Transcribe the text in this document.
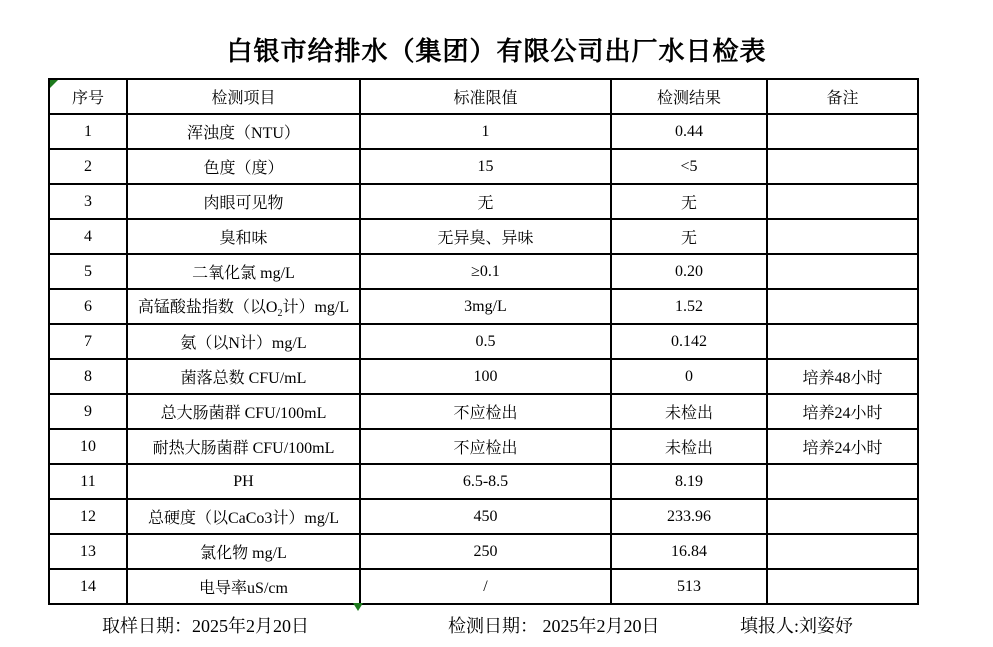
白银市给排水（集团）有限公司出厂水日检表
序号	检测项目	标准限值	检测结果	备注
1	浑浊度（NTU）	1	0.44	
2	色度（度）	15	<5	
3	肉眼可见物	无	无	
4	臭和味	无异臭、异味	无	
5	二氧化氯 mg/L	≥0.1	0.20	
6	高锰酸盐指数（以$O_2$计）mg/L	3mg/L	1.52	
7	氨（以N计）mg/L	0.5	0.142	
8	菌落总数 CFU/mL	100	0	培养48小时
9	总大肠菌群 CFU/100mL	不应检出	未检出	培养24小时
10	耐热大肠菌群 CFU/100mL	不应检出	未检出	培养24小时
11	PH	6.5-8.5	8.19	
12	总硬度（以CaCo3计）mg/L	450	233.96	
13	氯化物 mg/L	250	16.84	
14	电导率uS/cm	/	513	
取样日期：2025年2月20日	检测日期： 2025年2月20日	填报人:刘姿妤
